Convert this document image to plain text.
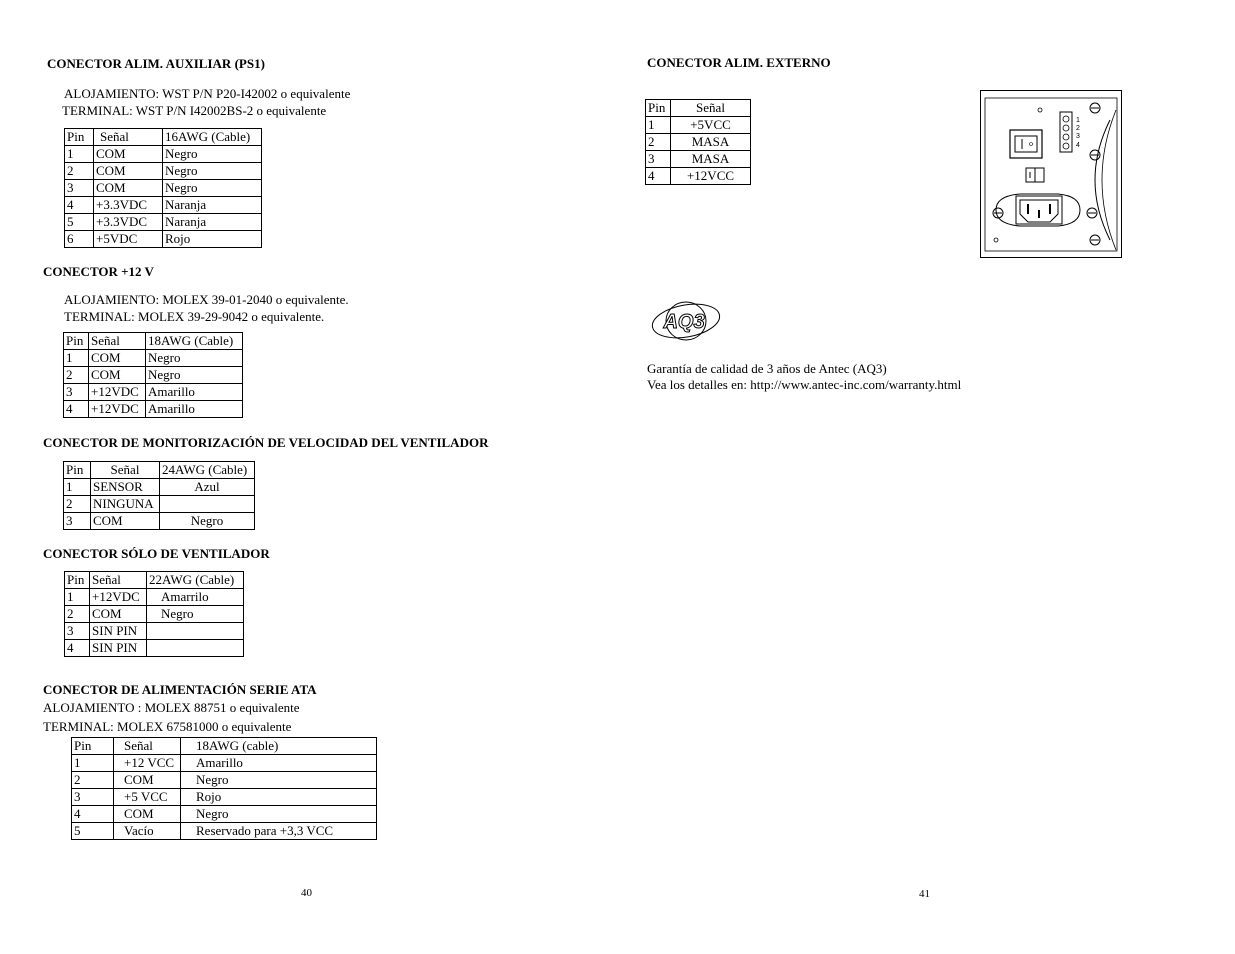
CONECTOR ALIM. AUXILIAR (PS1)
ALOJAMIENTO: WST P/N P20-I42002 o equivalente
TERMINAL: WST P/N I42002BS-2 o equivalente
Pin	Señal	16AWG (Cable)
1	COM	Negro
2	COM	Negro
3	COM	Negro
4	+3.3VDC	Naranja
5	+3.3VDC	Naranja
6	+5VDC	Rojo
CONECTOR +12 V
ALOJAMIENTO: MOLEX 39-01-2040 o equivalente.
TERMINAL: MOLEX 39-29-9042 o equivalente.
Pin	Señal	18AWG (Cable)
1	COM	Negro
2	COM	Negro
3	+12VDC	Amarillo
4	+12VDC	Amarillo
CONECTOR DE MONITORIZACIÓN DE VELOCIDAD DEL VENTILADOR
Pin	Señal	24AWG (Cable)
1	SENSOR	Azul
2	NINGUNA	
3	COM	Negro
CONECTOR SÓLO DE VENTILADOR
Pin	Señal	22AWG (Cable)
1	+12VDC	Amarrilo
2	COM	Negro
3	SIN PIN	
4	SIN PIN	
CONECTOR DE ALIMENTACIÓN SERIE ATA
ALOJAMIENTO : MOLEX 88751 o equivalente
TERMINAL: MOLEX 67581000 o equivalente
Pin	Señal	18AWG (cable)
1	+12 VCC	Amarillo
2	COM	Negro
3	+5 VCC	Rojo
4	COM	Negro
5	Vacío	Reservado para +3,3 VCC
40
CONECTOR ALIM. EXTERNO
Pin	Señal
1	+5VCC
2	MASA
3	MASA
4	+12VCC
1
2
3
4
AQ3
Garantía de calidad de 3 años de Antec (AQ3)
Vea los detalles en: http://www.antec-inc.com/warranty.html
41
